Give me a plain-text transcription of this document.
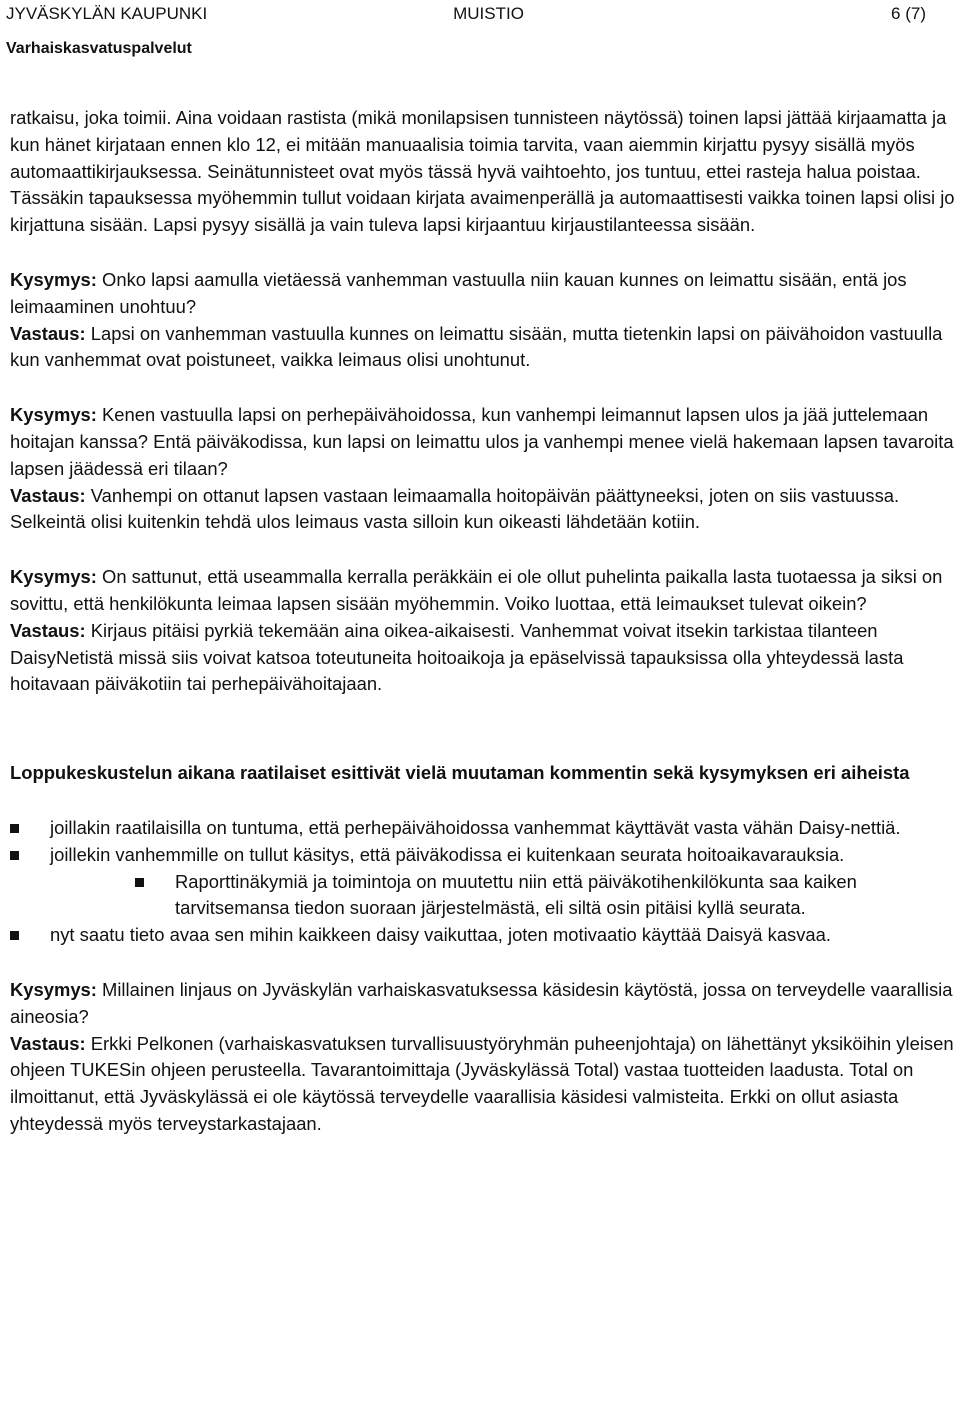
JYVÄSKYLÄN KAUPUNKI	MUISTIO	6 (7)
Varhaiskasvatuspalvelut

ratkaisu, joka toimii. Aina voidaan rastista (mikä monilapsisen tunnisteen näytössä) toinen lapsi jättää kirjaamatta ja kun hänet kirjataan ennen klo 12, ei mitään manuaalisia toimia tarvita, vaan aiemmin kirjattu pysyy sisällä myös automaattikirjauksessa. Seinätunnisteet ovat myös tässä hyvä vaihtoehto, jos tuntuu, ettei rasteja halua poistaa. Tässäkin tapauksessa myöhemmin tullut voidaan kirjata avaimenperällä ja automaattisesti vaikka toinen lapsi olisi jo kirjattuna sisään. Lapsi pysyy sisällä ja vain tuleva lapsi kirjaantuu kirjaustilanteessa sisään.

Kysymys: Onko lapsi aamulla vietäessä vanhemman vastuulla niin kauan kunnes on leimattu sisään, entä jos leimaaminen unohtuu?

Vastaus: Lapsi on vanhemman vastuulla kunnes on leimattu sisään, mutta tietenkin lapsi on päivähoidon vastuulla kun vanhemmat ovat poistuneet, vaikka leimaus olisi unohtunut.

Kysymys: Kenen vastuulla lapsi on perhepäivähoidossa, kun vanhempi leimannut lapsen ulos ja jää juttelemaan hoitajan kanssa? Entä päiväkodissa, kun lapsi on leimattu ulos ja vanhempi menee vielä hakemaan lapsen tavaroita lapsen jäädessä eri tilaan?

Vastaus: Vanhempi on ottanut lapsen vastaan leimaamalla hoitopäivän päättyneeksi, joten on siis vastuussa. Selkeintä olisi kuitenkin tehdä ulos leimaus vasta silloin kun oikeasti lähdetään kotiin.

Kysymys: On sattunut, että useammalla kerralla peräkkäin ei ole ollut puhelinta paikalla lasta tuotaessa ja siksi on sovittu, että henkilökunta leimaa lapsen sisään myöhemmin. Voiko luottaa, että leimaukset tulevat oikein?

Vastaus: Kirjaus pitäisi pyrkiä tekemään aina oikea-aikaisesti. Vanhemmat voivat itsekin tarkistaa tilanteen DaisyNetistä missä siis voivat katsoa toteutuneita hoitoaikoja ja epäselvissä tapauksissa olla yhteydessä lasta hoitavaan päiväkotiin tai perhepäivähoitajaan.

Loppukeskustelun aikana raatilaiset esittivät vielä muutaman kommentin sekä kysymyksen eri aiheista

joillakin raatilaisilla on tuntuma, että perhepäivähoidossa vanhemmat käyttävät vasta vähän Daisy-nettiä.
joillekin vanhemmille on tullut käsitys, että päiväkodissa ei kuitenkaan seurata hoitoaikavarauksia.
Raporttinäkymiä ja toimintoja on muutettu niin että päiväkotihenkilökunta saa kaiken tarvitsemansa tiedon suoraan järjestelmästä, eli siltä osin pitäisi kyllä seurata.
nyt saatu tieto avaa sen mihin kaikkeen daisy vaikuttaa, joten motivaatio käyttää Daisyä kasvaa.

Kysymys: Millainen linjaus on Jyväskylän varhaiskasvatuksessa käsidesin käytöstä, jossa on terveydelle vaarallisia aineosia?

Vastaus: Erkki Pelkonen (varhaiskasvatuksen turvallisuustyöryhmän puheenjohtaja) on lähettänyt yksiköihin yleisen ohjeen TUKESin ohjeen perusteella. Tavarantoimittaja (Jyväskylässä Total) vastaa tuotteiden laadusta. Total on ilmoittanut, että Jyväskylässä ei ole käytössä terveydelle vaarallisia käsidesi valmisteita. Erkki on ollut asiasta yhteydessä myös terveystarkastajaan.
